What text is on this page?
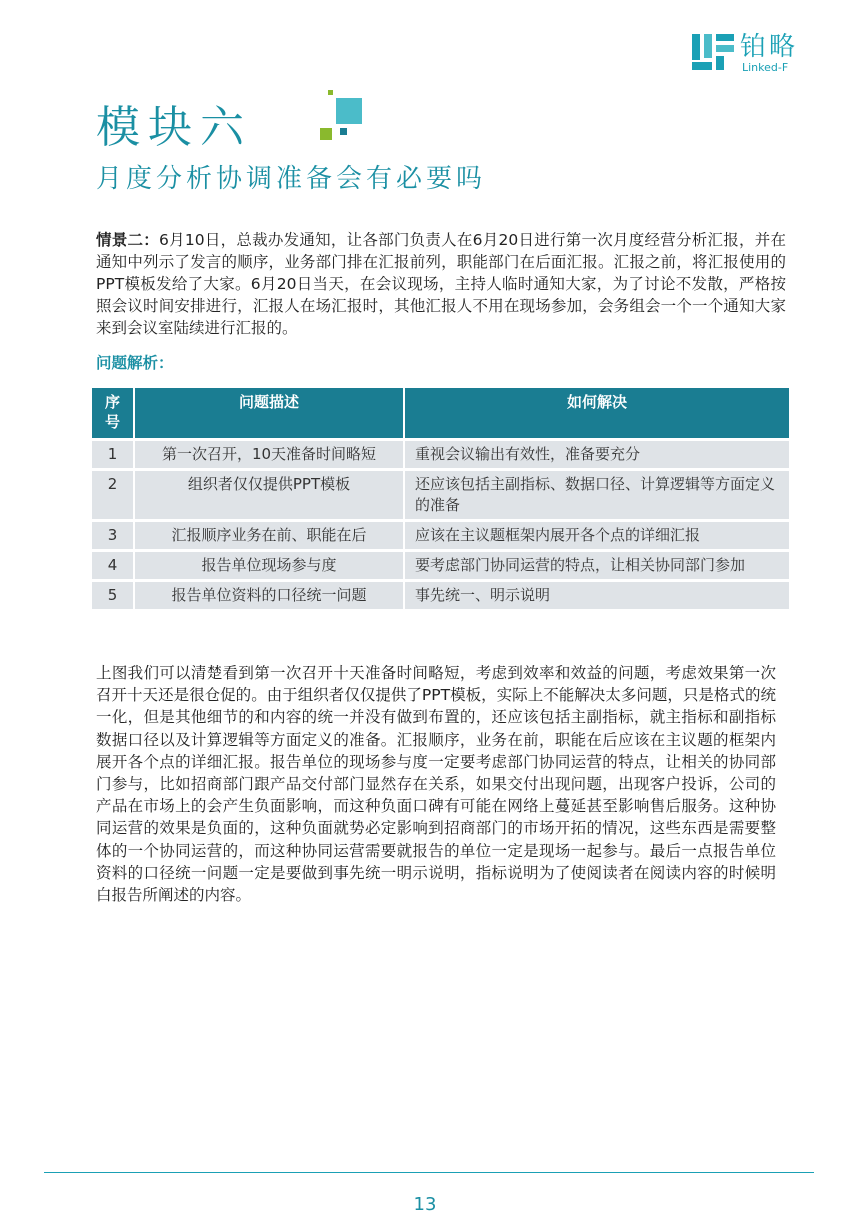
铂略
Linked-F
模块六
月度分析协调准备会有必要吗
情景二：6月10日，总裁办发通知，让各部门负责人在6月20日进行第一次月度经营分析汇报，并在通知中列示了发言的顺序，业务部门排在汇报前列，职能部门在后面汇报。汇报之前，将汇报使用的PPT模板发给了大家。6月20日当天，在会议现场，主持人临时通知大家，为了讨论不发散，严格按照会议时间安排进行，汇报人在场汇报时，其他汇报人不用在现场参加，会务组会一个一个通知大家来到会议室陆续进行汇报的。
问题解析：
序号	问题描述	如何解决
1	第一次召开，10天准备时间略短	重视会议输出有效性，准备要充分
2	组织者仅仅提供PPT模板	还应该包括主副指标、数据口径、计算逻辑等方面定义的准备
3	汇报顺序业务在前、职能在后	应该在主议题框架内展开各个点的详细汇报
4	报告单位现场参与度	要考虑部门协同运营的特点，让相关协同部门参加
5	报告单位资料的口径统一问题	事先统一、明示说明
上图我们可以清楚看到第一次召开十天准备时间略短，考虑到效率和效益的问题，考虑效果第一次召开十天还是很仓促的。由于组织者仅仅提供了PPT模板，实际上不能解决太多问题，只是格式的统一化，但是其他细节的和内容的统一并没有做到布置的，还应该包括主副指标，就主指标和副指标数据口径以及计算逻辑等方面定义的准备。汇报顺序，业务在前，职能在后应该在主议题的框架内展开各个点的详细汇报。报告单位的现场参与度一定要考虑部门协同运营的特点，让相关的协同部门参与，比如招商部门跟产品交付部门显然存在关系，如果交付出现问题，出现客户投诉，公司的产品在市场上的会产生负面影响，而这种负面口碑有可能在网络上蔓延甚至影响售后服务。这种协同运营的效果是负面的，这种负面就势必定影响到招商部门的市场开拓的情况，这些东西是需要整体的一个协同运营的，而这种协同运营需要就报告的单位一定是现场一起参与。最后一点报告单位资料的口径统一问题一定是要做到事先统一明示说明，指标说明为了使阅读者在阅读内容的时候明白报告所阐述的内容。
13
